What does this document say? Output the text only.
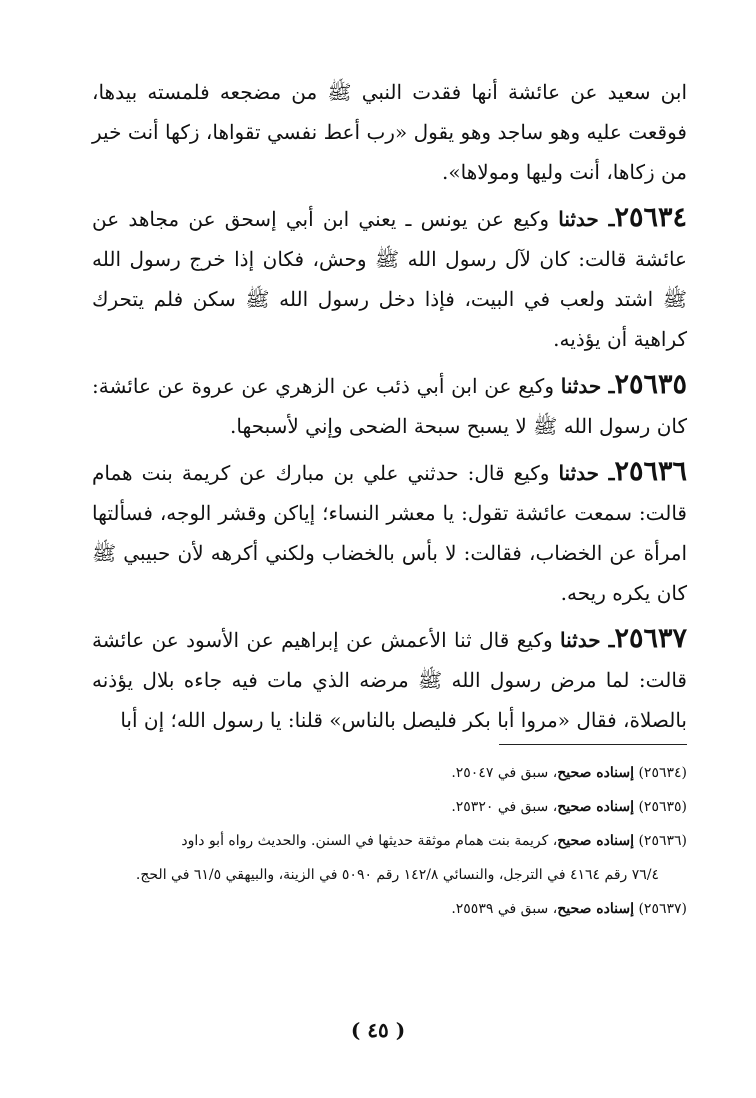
ابن سعيد عن عائشة أنها فقدت النبي ﷺ من مضجعه فلمسته بيدها، فوقعت عليه وهو ساجد وهو يقول «رب أعط نفسي تقواها، زكها أنت خير من زكاها، أنت وليها ومولاها».

٢٥٦٣٤ـ حدثنا وكيع عن يونس ـ يعني ابن أبي إسحق عن مجاهد عن عائشة قالت: كان لآل رسول الله ﷺ وحش، فكان إذا خرج رسول الله ﷺ اشتد ولعب في البيت، فإذا دخل رسول الله ﷺ سكن فلم يتحرك كراهية أن يؤذيه.

٢٥٦٣٥ـ حدثنا وكيع عن ابن أبي ذئب عن الزهري عن عروة عن عائشة: كان رسول الله ﷺ لا يسبح سبحة الضحى وإني لأسبحها.

٢٥٦٣٦ـ حدثنا وكيع قال: حدثني علي بن مبارك عن كريمة بنت همام قالت: سمعت عائشة تقول: يا معشر النساء؛ إياكن وقشر الوجه، فسألتها امرأة عن الخضاب، فقالت: لا بأس بالخضاب ولكني أكرهه لأن حبيبي ﷺ كان يكره ريحه.

٢٥٦٣٧ـ حدثنا وكيع قال ثنا الأعمش عن إبراهيم عن الأسود عن عائشة قالت: لما مرض رسول الله ﷺ مرضه الذي مات فيه جاءه بلال يؤذنه بالصلاة، فقال «مروا أبا بكر فليصل بالناس» قلنا: يا رسول الله؛ إن أبا

(٢٥٦٣٤) إسناده صحيح، سبق في ٢٥٠٤٧.

(٢٥٦٣٥) إسناده صحيح، سبق في ٢٥٣٢٠.

(٢٥٦٣٦) إسناده صحيح، كريمة بنت همام موثقة حديثها في السنن. والحديث رواه أبو داود

٧٦/٤ رقم ٤١٦٤ في الترجل، والنسائي ١٤٢/٨ رقم ٥٠٩٠ في الزينة، والبيهقي ٦١/٥ في الحج.

(٢٥٦٣٧) إسناده صحيح، سبق في ٢٥٥٣٩.

( ٤٥ )
